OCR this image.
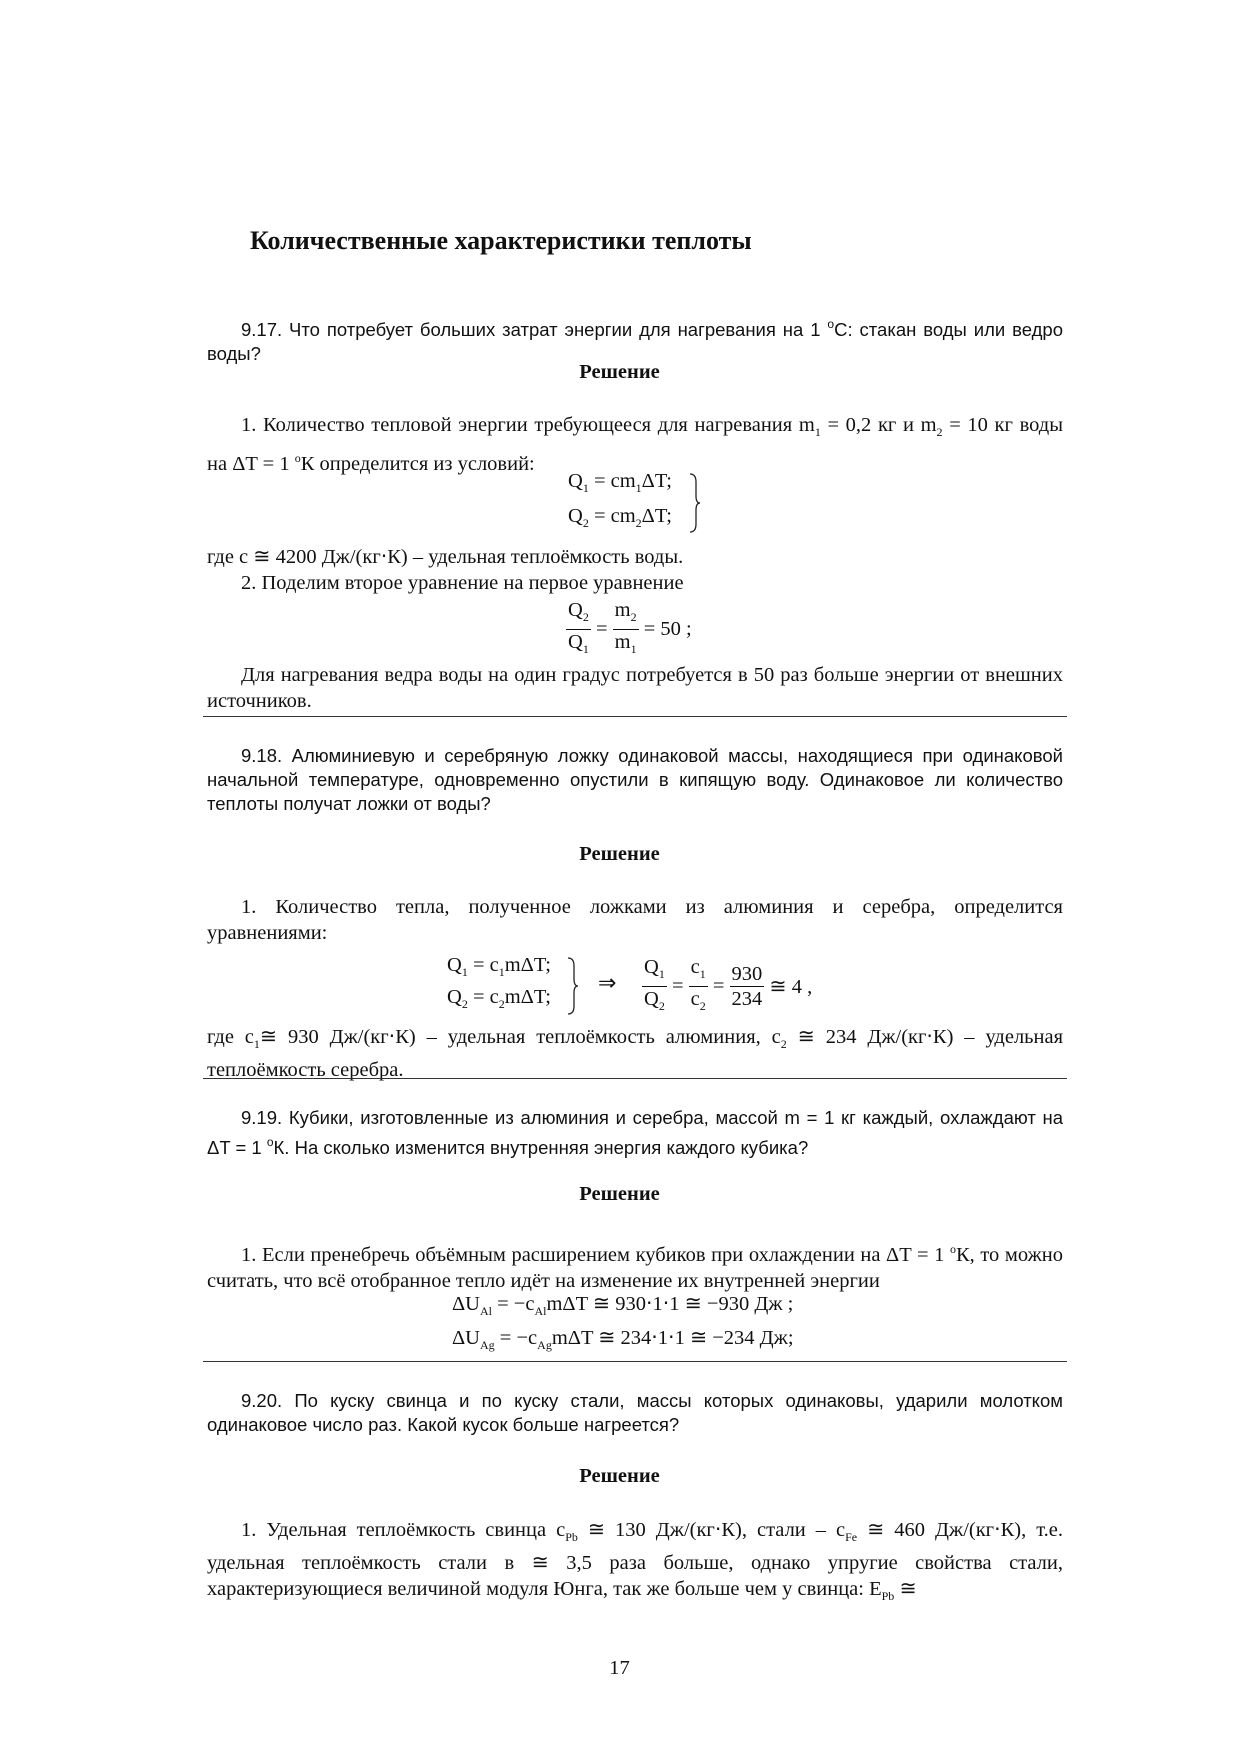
Количественные характеристики теплоты
9.17. Что потребует больших затрат энергии для нагревания на 1 $^о$С: стакан воды или ведро воды?
Решение
1. Количество тепловой энергии требующееся для нагревания $m_1 = 0,2$ кг и $m_2 = 10$ кг воды на ΔT = 1 $^o$К определится из условий:
$Q_1 = cm_1\Delta T$;
$Q_2 = cm_2\Delta T$;
где c ≅ 4200 Дж/(кг⋅К) – удельная теплоёмкость воды.
2. Поделим второе уравнение на первое уравнение
$\frac{Q_2}{Q_1} = \frac{m_2}{m_1} = 50$ ;
Для нагревания ведра воды на один градус потребуется в 50 раз больше энергии от внешних источников.
9.18. Алюминиевую и серебряную ложку одинаковой массы, находящиеся при одинаковой начальной температуре, одновременно опустили в кипящую воду. Одинаковое ли количество теплоты получат ложки от воды?
Решение
1. Количество тепла, полученное ложками из алюминия и серебра, определится уравнениями:
$Q_1 = c_1m\Delta T$;
$Q_2 = c_2m\Delta T$;
⇒ $\frac{Q_1}{Q_2} = \frac{c_1}{c_2} = \frac{930}{234}$ ≅ 4 ,
где $c_1≅$ 930 Дж/(кг⋅К) – удельная теплоёмкость алюминия, $c_2$ ≅ 234 Дж/(кг⋅К) – удельная теплоёмкость серебра.
9.19. Кубики, изготовленные из алюминия и серебра, массой m = 1 кг каждый, охлаждают на ΔT = 1 $^o$К. На сколько изменится внутренняя энергия каждого кубика?
Решение
1. Если пренебречь объёмным расширением кубиков при охлаждении на ΔT = 1 $^o$К, то можно считать, что всё отобранное тепло идёт на изменение их внутренней энергии
$\Delta U_{Al} = -c_{Al}m\Delta T$ ≅ 930⋅1⋅1 ≅ −930 Дж ;
$\Delta U_{Ag} = -c_{Ag}m\Delta T$ ≅ 234⋅1⋅1 ≅ −234 Дж;
9.20. По куску свинца и по куску стали, массы которых одинаковы, ударили молотком одинаковое число раз. Какой кусок больше нагреется?
Решение
1. Удельная теплоёмкость свинца $c_{Pb}$ ≅ 130 Дж/(кг⋅К), стали – $c_{Fe}$ ≅ 460 Дж/(кг⋅К), т.е. удельная теплоёмкость стали в ≅ 3,5 раза больше, однако упругие свойства стали, характеризующиеся величиной модуля Юнга, так же больше чем у свинца: $E_{Pb}$ ≅
17
